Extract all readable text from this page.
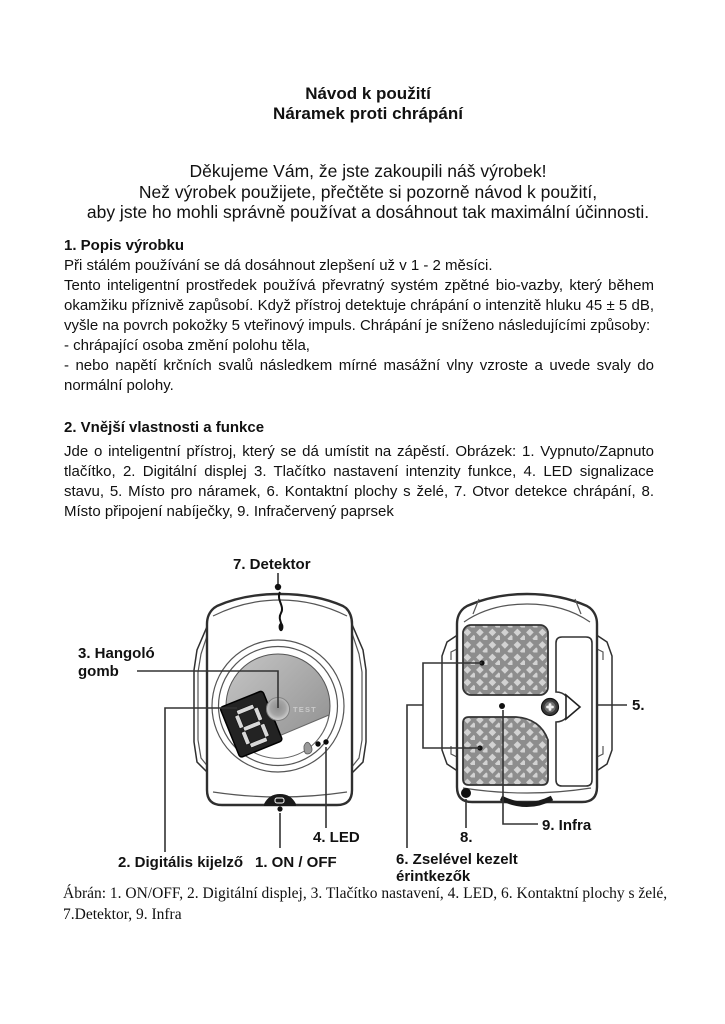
Návod k použití
Náramek proti chrápání
Děkujeme Vám, že jste zakoupili náš výrobek!
Než výrobek použijete, přečtěte si pozorně návod k použití,
aby jste ho mohli správně používat a dosáhnout tak maximální účinnosti.
1. Popis výrobku

Při stálém používání se dá dosáhnout zlepšení už v 1 - 2 měsíci.

Tento inteligentní prostředek používá převratný systém zpětné bio-vazby, který během okamžiku příznivě zapůsobí. Když přístroj detektuje chrápání o intenzitě hluku 45 ± 5 dB, vyšle na povrch pokožky 5 vteřinový impuls. Chrápání je sníženo následujícími způsoby:

- chrápající osoba změní polohu těla,

- nebo napětí krčních svalů následkem mírné masážní vlny vzroste a uvede svaly do normální polohy.

2. Vnější vlastnosti a funkce

Jde o inteligentní přístroj, který se dá umístit na zápěstí. Obrázek: 1. Vypnuto/Zapnuto tlačítko, 2. Digitální displej 3. Tlačítko nastavení intenzity funkce, 4. LED signalizace stavu, 5. Místo pro náramek, 6. Kontaktní plochy s želé, 7. Otvor detekce chrápání, 8. Místo připojení nabíječky, 9. Infračervený paprsek

TEST
7. Detektor
3. Hangoló
gomb
2. Digitális kijelző 1. ON / OFF
4. LED
6. Zselével kezelt
érintkezők
5.
8.
9. Infra
Ábrán: 1. ON/OFF, 2. Digitální displej, 3. Tlačítko nastavení, 4. LED, 6. Kontaktní plochy s želé,
7.Detektor, 9. Infra
